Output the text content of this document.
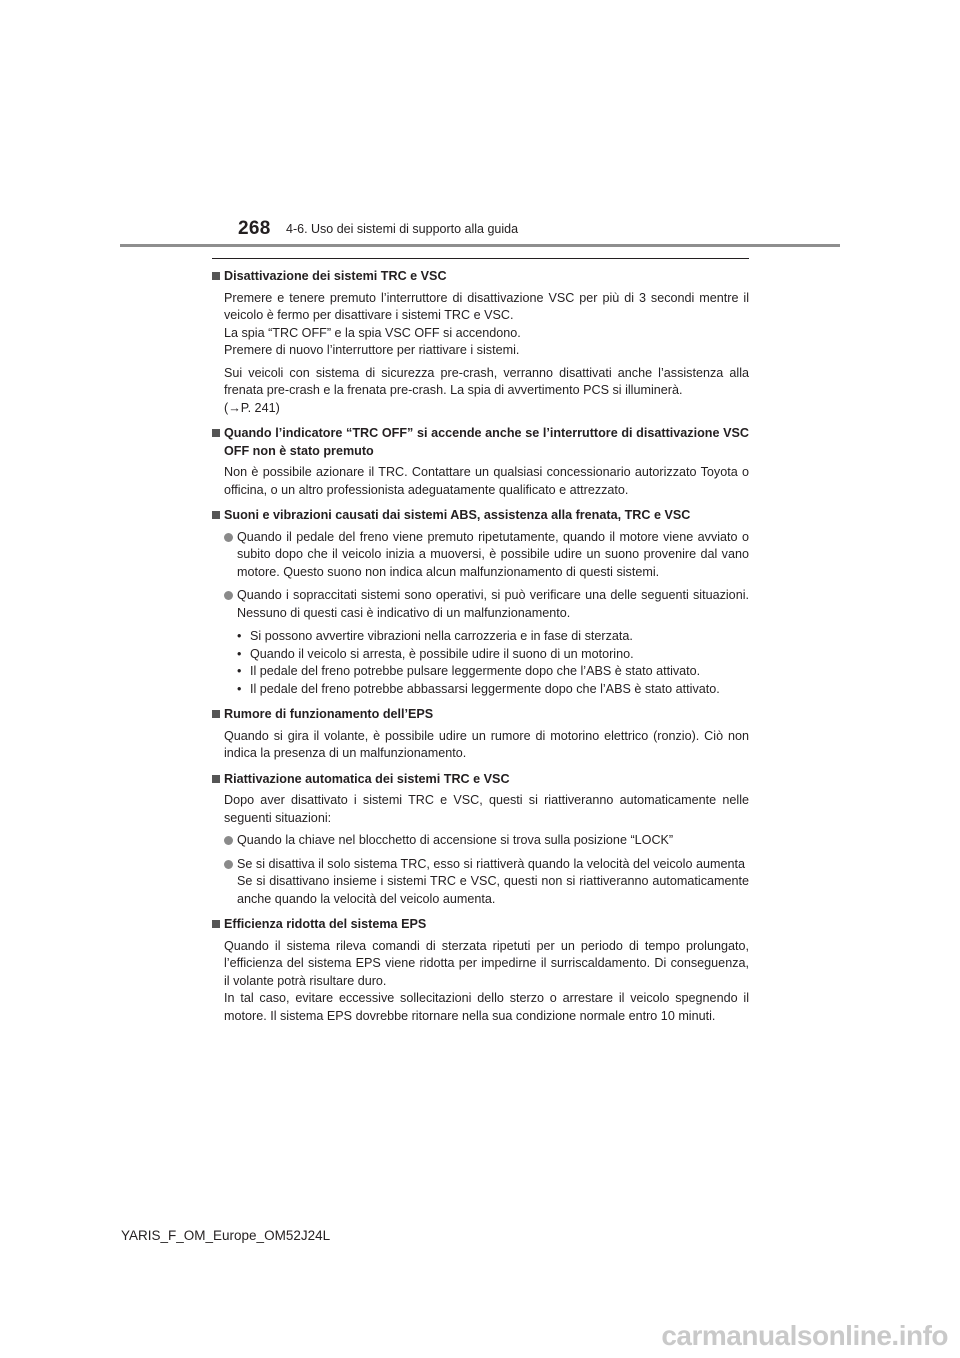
268 4-6. Uso dei sistemi di supporto alla guida
Disattivazione dei sistemi TRC e VSC
Premere e tenere premuto l’interruttore di disattivazione VSC per più di 3 secondi mentre il veicolo è fermo per disattivare i sistemi TRC e VSC.
La spia “TRC OFF” e la spia VSC OFF si accendono.
Premere di nuovo l’interruttore per riattivare i sistemi.
Sui veicoli con sistema di sicurezza pre-crash, verranno disattivati anche l’assistenza alla frenata pre-crash e la frenata pre-crash. La spia di avvertimento PCS si illuminerà.
(→P. 241)
Quando l’indicatore “TRC OFF” si accende anche se l’interruttore di disattivazione VSC OFF non è stato premuto
Non è possibile azionare il TRC. Contattare un qualsiasi concessionario autorizzato Toyota o officina, o un altro professionista adeguatamente qualificato e attrezzato.
Suoni e vibrazioni causati dai sistemi ABS, assistenza alla frenata, TRC e VSC
Quando il pedale del freno viene premuto ripetutamente, quando il motore viene avviato o subito dopo che il veicolo inizia a muoversi, è possibile udire un suono provenire dal vano motore. Questo suono non indica alcun malfunzionamento di questi sistemi.
Quando i sopraccitati sistemi sono operativi, si può verificare una delle seguenti situazioni. Nessuno di questi casi è indicativo di un malfunzionamento.
• Si possono avvertire vibrazioni nella carrozzeria e in fase di sterzata.
• Quando il veicolo si arresta, è possibile udire il suono di un motorino.
• Il pedale del freno potrebbe pulsare leggermente dopo che l’ABS è stato attivato.
• Il pedale del freno potrebbe abbassarsi leggermente dopo che l’ABS è stato attivato.
Rumore di funzionamento dell’EPS
Quando si gira il volante, è possibile udire un rumore di motorino elettrico (ronzio). Ciò non indica la presenza di un malfunzionamento.
Riattivazione automatica dei sistemi TRC e VSC
Dopo aver disattivato i sistemi TRC e VSC, questi si riattiveranno automaticamente nelle seguenti situazioni:
Quando la chiave nel blocchetto di accensione si trova sulla posizione “LOCK”
Se si disattiva il solo sistema TRC, esso si riattiverà quando la velocità del veicolo aumenta
Se si disattivano insieme i sistemi TRC e VSC, questi non si riattiveranno automaticamente anche quando la velocità del veicolo aumenta.
Efficienza ridotta del sistema EPS
Quando il sistema rileva comandi di sterzata ripetuti per un periodo di tempo prolungato, l’efficienza del sistema EPS viene ridotta per impedirne il surriscaldamento. Di conseguenza, il volante potrà risultare duro.
In tal caso, evitare eccessive sollecitazioni dello sterzo o arrestare il veicolo spegnendo il motore. Il sistema EPS dovrebbe ritornare nella sua condizione normale entro 10 minuti.
YARIS_F_OM_Europe_OM52J24L
carmanualsonline.info
